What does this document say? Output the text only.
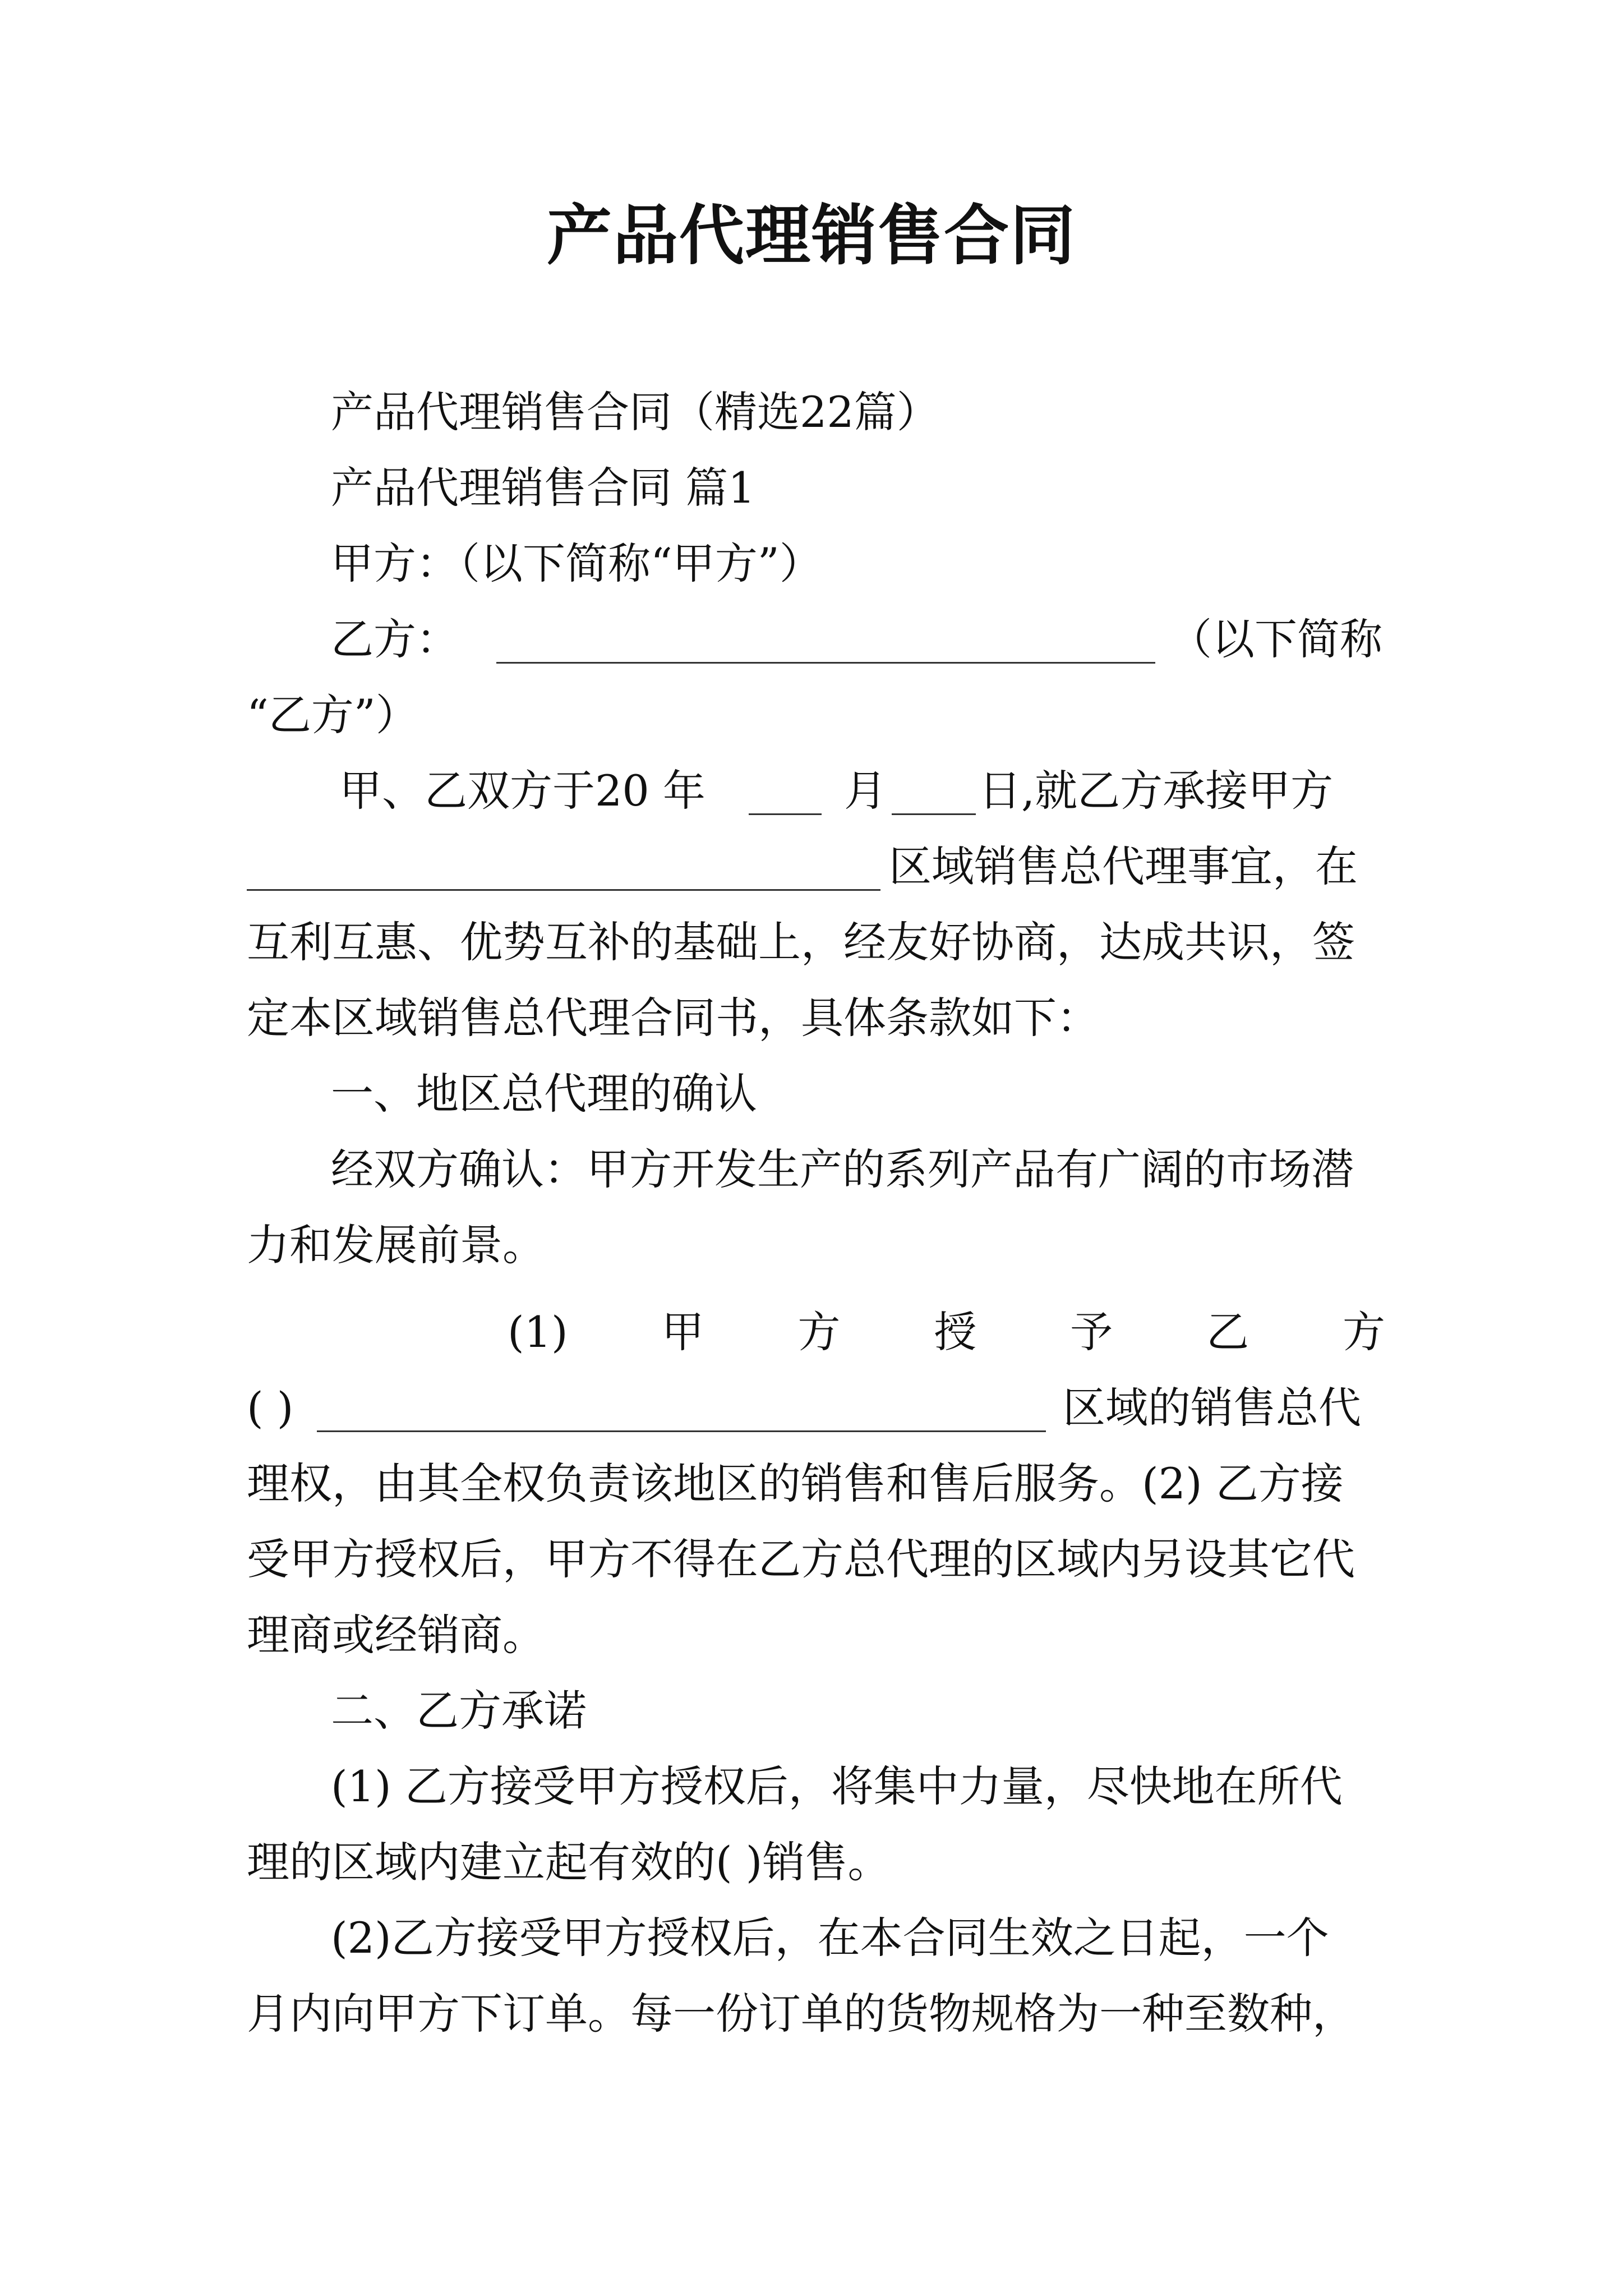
产品代理销售合同
产品代理销售合同（精选22篇）
产品代理销售合同 篇1
甲方：（以下简称“甲方”）
乙方：	（以下简称
“乙方”）
甲、乙双方于20 年	月 日,就乙方承接甲方
区域销售总代理事宜，在
互利互惠、优势互补的基础上，经友好协商，达成共识，签
定本区域销售总代理合同书，具体条款如下：
一、地区总代理的确认
经双方确认：甲方开发生产的系列产品有广阔的市场潜
力和发展前景。
(1) 甲 方 授 予 乙 方
( )	区域的销售总代
理权，由其全权负责该地区的销售和售后服务。(2) 乙方接
受甲方授权后，甲方不得在乙方总代理的区域内另设其它代
理商或经销商。
二、乙方承诺
(1) 乙方接受甲方授权后，将集中力量，尽快地在所代
理的区域内建立起有效的( )销售。
(2)乙方接受甲方授权后，在本合同生效之日起，一个
月内向甲方下订单。每一份订单的货物规格为一种至数种，
